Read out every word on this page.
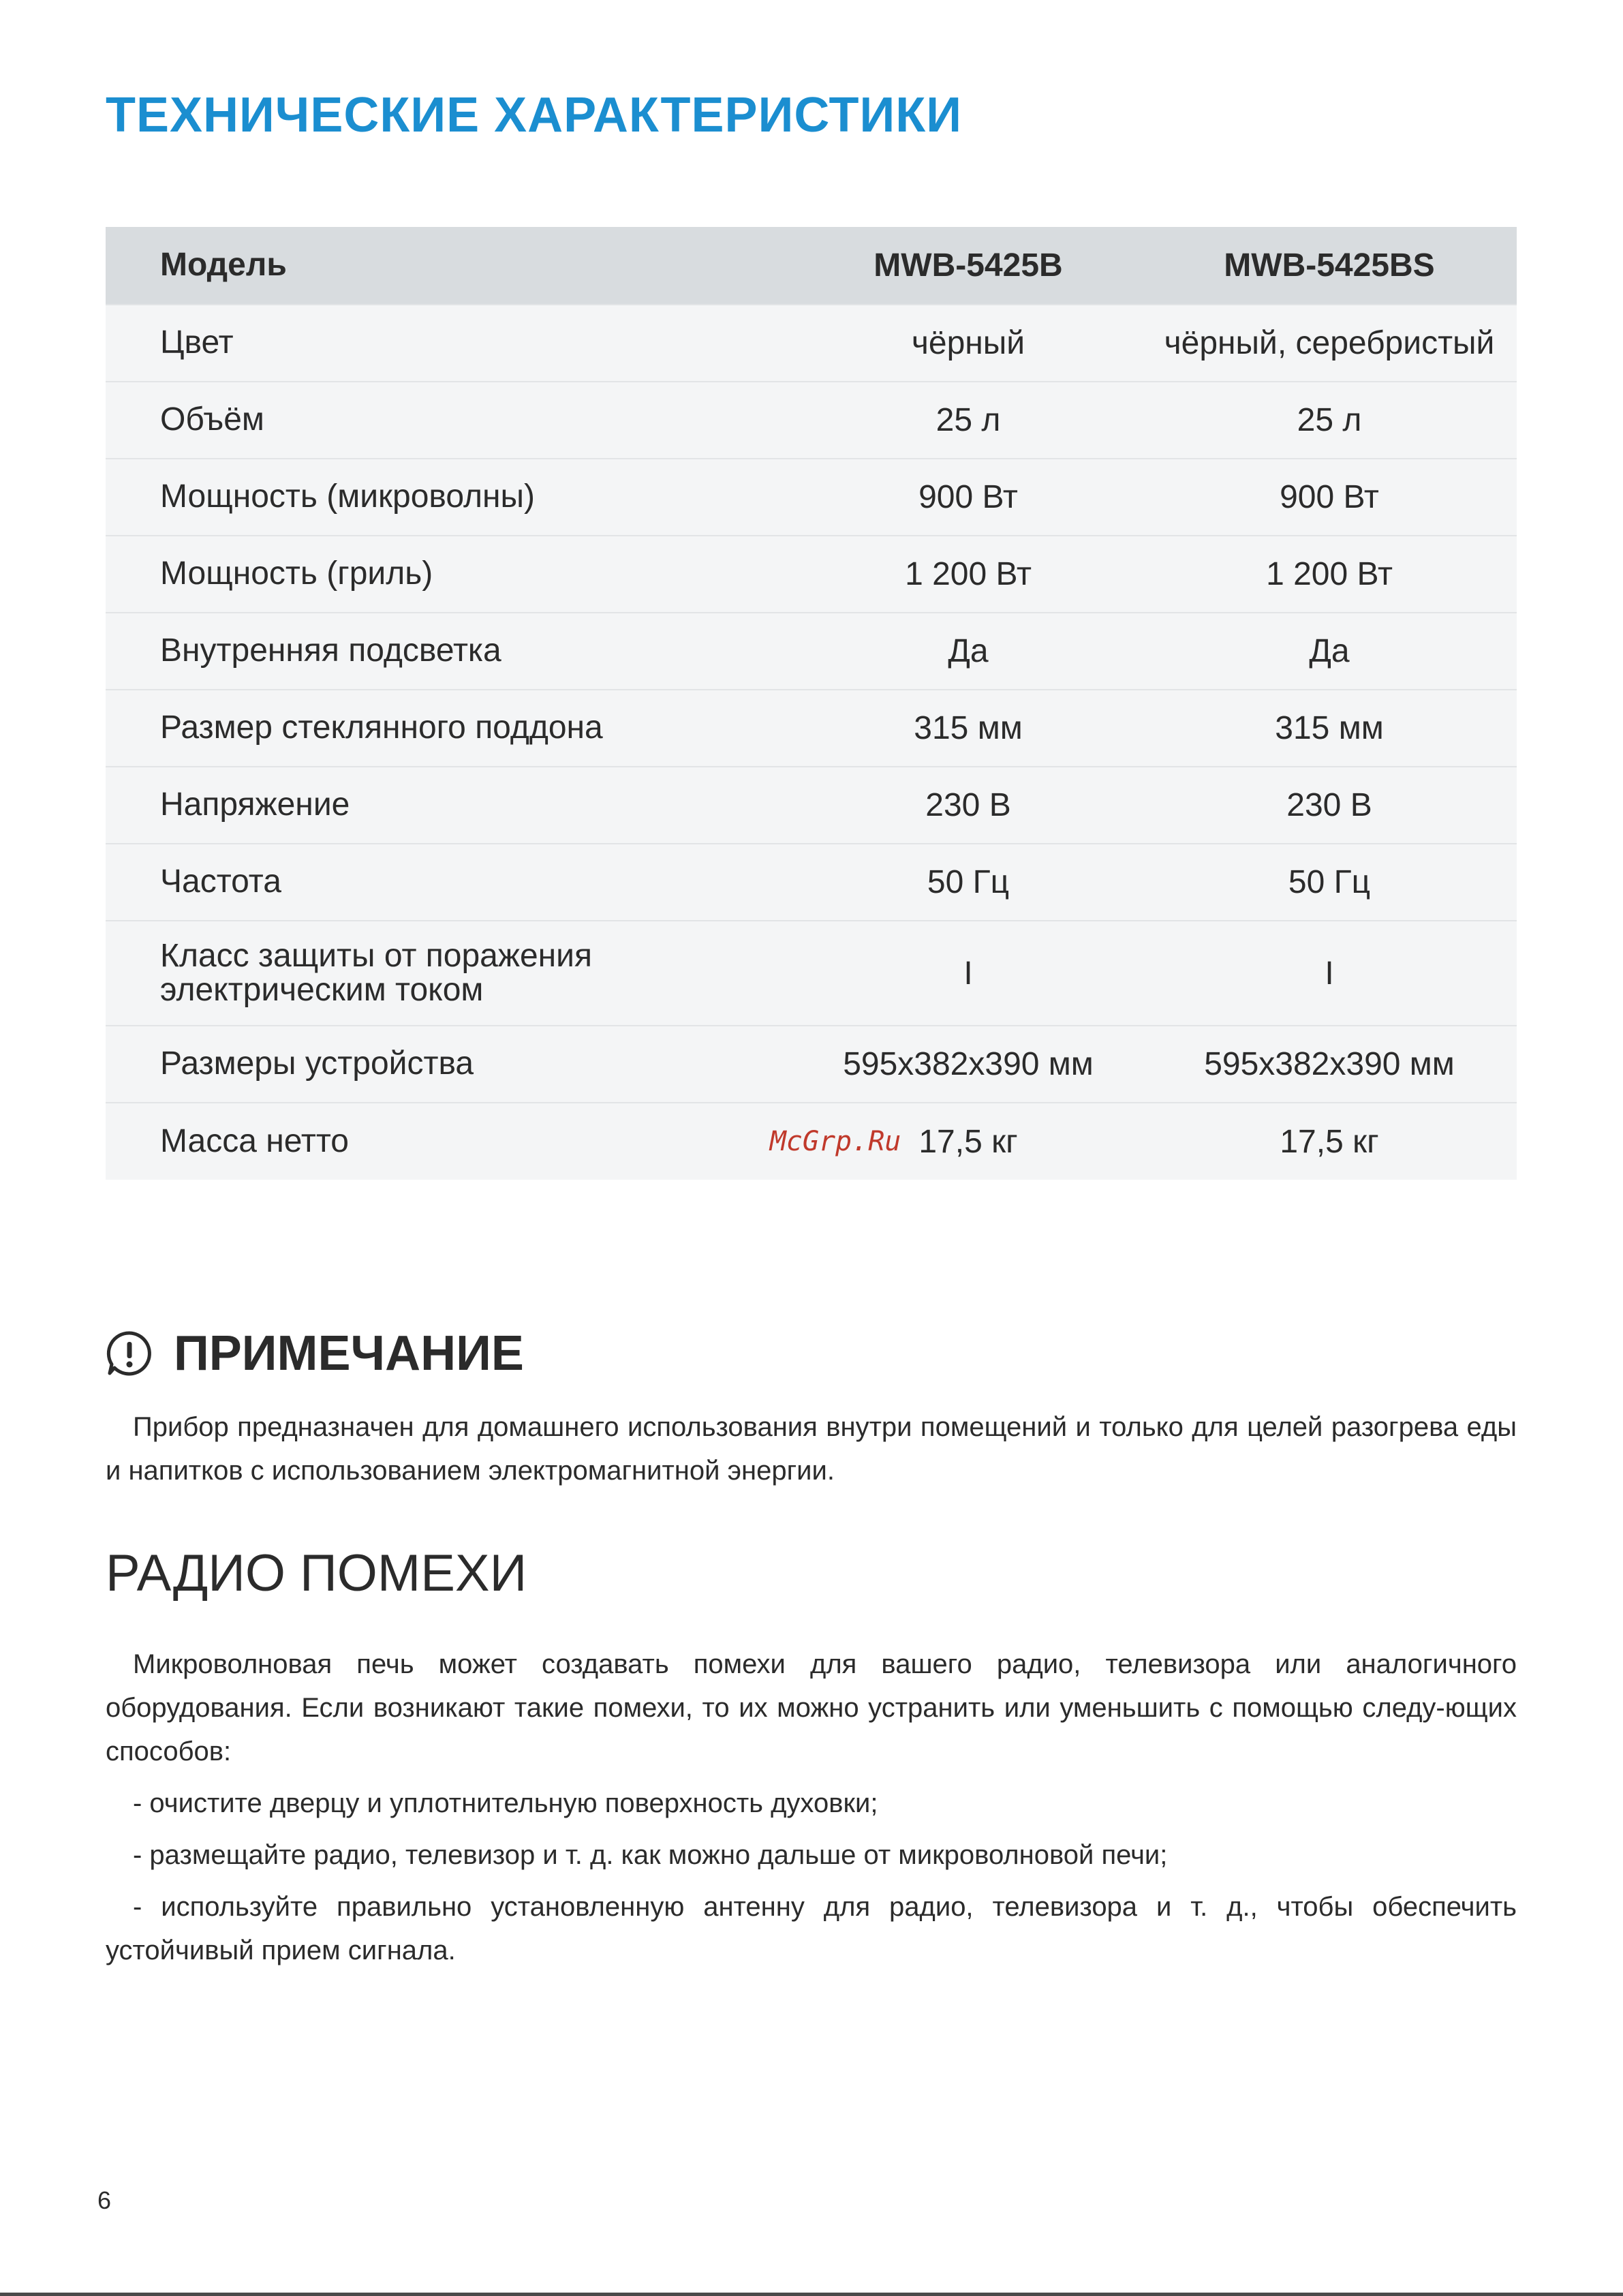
ТЕХНИЧЕСКИЕ ХАРАКТЕРИСТИКИ
Модель	MWB-5425B	MWB-5425BS
Цвет	чёрный	чёрный, серебристый
Объём	25 л	25 л
Мощность (микроволны)	900 Вт	900 Вт
Мощность (гриль)	1 200 Вт	1 200 Вт
Внутренняя подсветка	Да	Да
Размер стеклянного поддона	315 мм	315 мм
Напряжение	230 В	230 В
Частота	50 Гц	50 Гц
Класс защиты от поражения электрическим током	I	I
Размеры устройства	595x382x390 мм	595x382x390 мм
Масса нетто	McGrp.Ru 17,5 кг	17,5 кг
ПРИМЕЧАНИЕ

Прибор предназначен для домашнего использования внутри помещений и только для целей разогрева еды и напитков с использованием электромагнитной энергии.

РАДИО ПОМЕХИ

Микроволновая печь может создавать помехи для вашего радио, телевизора или аналогичного оборудования. Если возникают такие помехи, то их можно устранить или уменьшить с помощью следу-ющих способов:

- очистите дверцу и уплотнительную поверхность духовки;

- размещайте радио, телевизор и т. д. как можно дальше от микроволновой печи;

- используйте правильно установленную антенну для радио, телевизора и т. д., чтобы обеспечить устойчивый прием сигнала.

6
